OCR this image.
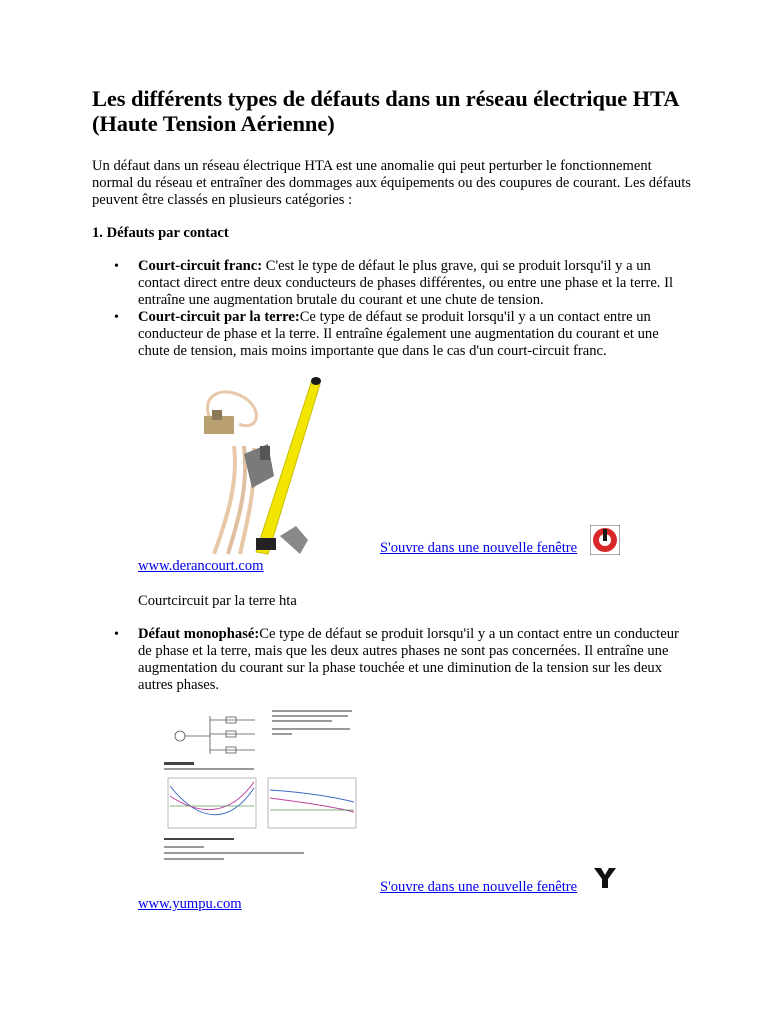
Les différents types de défauts dans un réseau électrique HTA (Haute Tension Aérienne)

Un défaut dans un réseau électrique HTA est une anomalie qui peut perturber le fonctionnement normal du réseau et entraîner des dommages aux équipements ou des coupures de courant. Les défauts peuvent être classés en plusieurs catégories :

1. Défauts par contact
• Court-circuit franc: C'est le type de défaut le plus grave, qui se produit lorsqu'il y a un contact direct entre deux conducteurs de phases différentes, ou entre une phase et la terre. Il entraîne une augmentation brutale du courant et une chute de tension.
• Court-circuit par la terre:Ce type de défaut se produit lorsqu'il y a un contact entre un conducteur de phase et la terre. Il entraîne également une augmentation du courant et une chute de tension, mais moins importante que dans le cas d'un court-circuit franc.
S'ouvre dans une nouvelle fenêtre
www.derancourt.com
Courtcircuit par la terre hta
• Défaut monophasé:Ce type de défaut se produit lorsqu'il y a un contact entre un conducteur de phase et la terre, mais que les deux autres phases ne sont pas concernées. Il entraîne une augmentation du courant sur la phase touchée et une diminution de la tension sur les deux autres phases.
S'ouvre dans une nouvelle fenêtre
www.yumpu.com
